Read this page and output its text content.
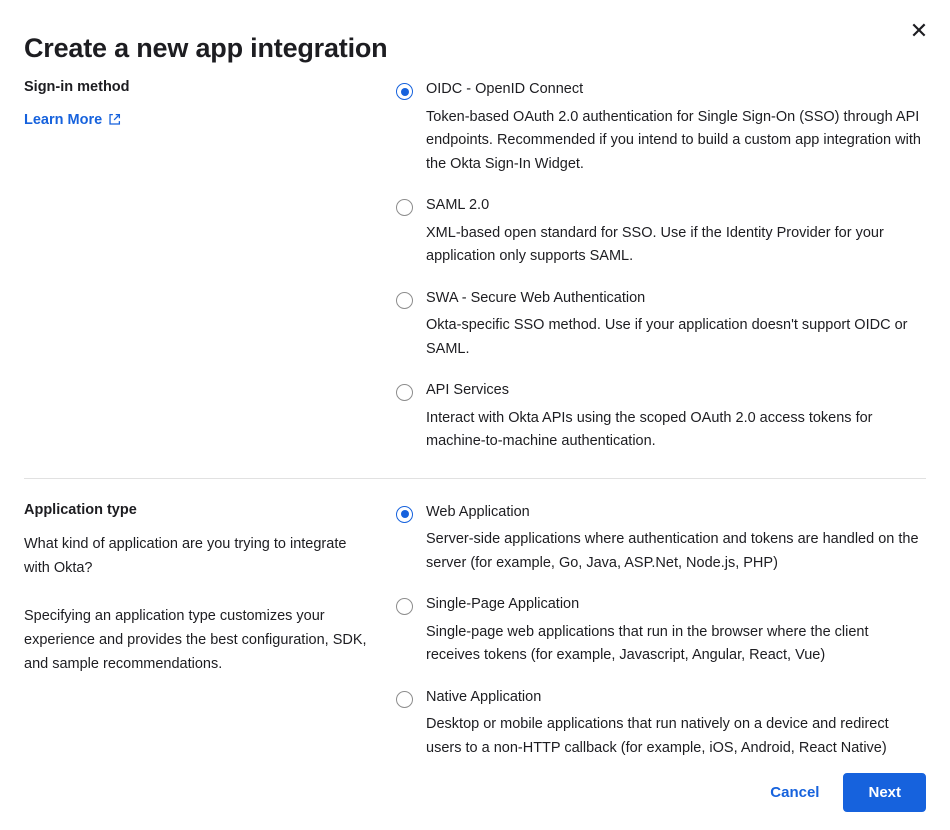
✕
Create a new app integration

Sign-in method

Learn More

OIDC - OpenID Connect

Token-based OAuth 2.0 authentication for Single Sign-On (SSO) through API endpoints. Recommended if you intend to build a custom app integration with the Okta Sign-In Widget.

SAML 2.0

XML-based open standard for SSO. Use if the Identity Provider for your application only supports SAML.

SWA - Secure Web Authentication

Okta-specific SSO method. Use if your application doesn't support OIDC or SAML.

API Services

Interact with Okta APIs using the scoped OAuth 2.0 access tokens for machine-to-machine authentication.

Application type

What kind of application are you trying to integrate with Okta?

Specifying an application type customizes your experience and provides the best configuration, SDK, and sample recommendations.

Web Application

Server-side applications where authentication and tokens are handled on the server (for example, Go, Java, ASP.Net, Node.js, PHP)

Single-Page Application

Single-page web applications that run in the browser where the client receives tokens (for example, Javascript, Angular, React, Vue)

Native Application

Desktop or mobile applications that run natively on a device and redirect users to a non-HTTP callback (for example, iOS, Android, React Native)

Cancel	Next
